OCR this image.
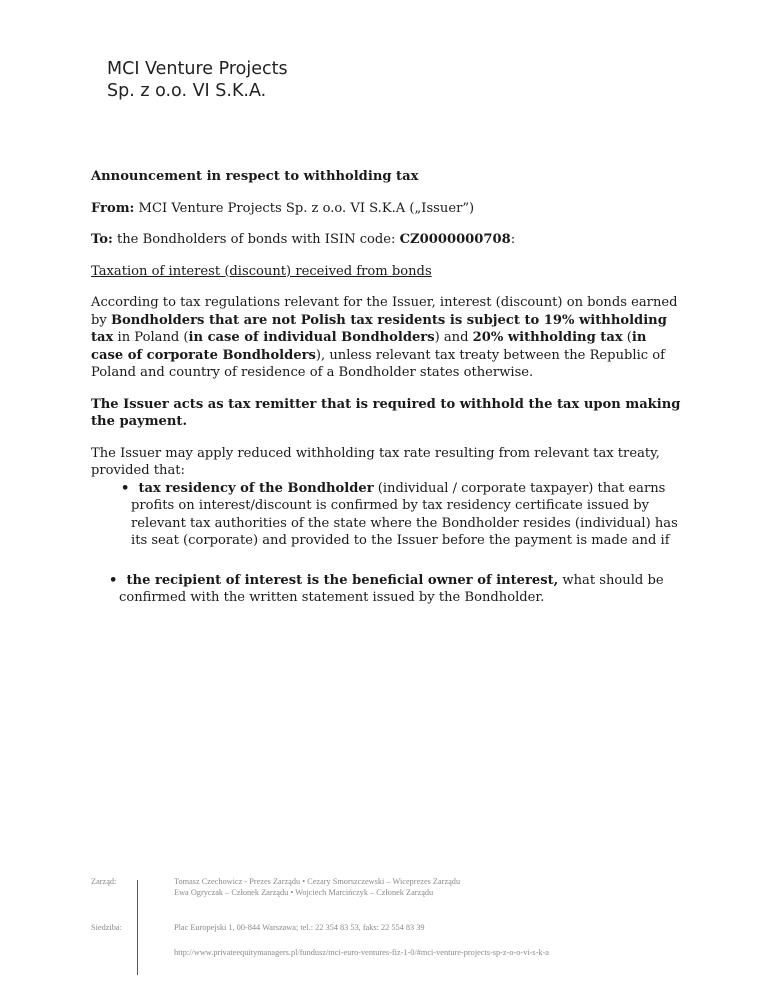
MCI Venture Projects
Sp. z o.o. VI S.K.A.

Announcement in respect to withholding tax

From: MCI Venture Projects Sp. z o.o. VI S.K.A („Issuer”)

To: the Bondholders of bonds with ISIN code: CZ0000000708:

Taxation of interest (discount) received from bonds

According to tax regulations relevant for the Issuer, interest (discount) on bonds earned by Bondholders that are not Polish tax residents is subject to 19% withholding tax in Poland (in case of individual Bondholders) and 20% withholding tax (in case of corporate Bondholders), unless relevant tax treaty between the Republic of Poland and country of residence of a Bondholder states otherwise.

The Issuer acts as tax remitter that is required to withhold the tax upon making the payment.

The Issuer may apply reduced withholding tax rate resulting from relevant tax treaty, provided that:

•  tax residency of the Bondholder (individual / corporate taxpayer) that earns profits on interest/discount is confirmed by tax residency certificate issued by relevant tax authorities of the state where the Bondholder resides (individual) has its seat (corporate) and provided to the Issuer before the payment is made and if
•  the recipient of interest is the beneficial owner of interest, what should be confirmed with the written statement issued by the Bondholder.
Zarząd:	Tomasz Czechowicz - Prezes Zarządu • Cezary Smorszczewski – Wiceprezes Zarządu
Ewa Ogryczak – Członek Zarządu • Wojciech Marcińczyk – Członek Zarządu
Siedziba:	Plac Europejski 1, 00-844 Warszawa; tel.: 22 354 83 53, faks: 22 554 83 39
http://www.privateequitymanagers.pl/fundusz/mci-euro-ventures-fiz-1-0/#mci-venture-projects-sp-z-o-o-vi-s-k-a
